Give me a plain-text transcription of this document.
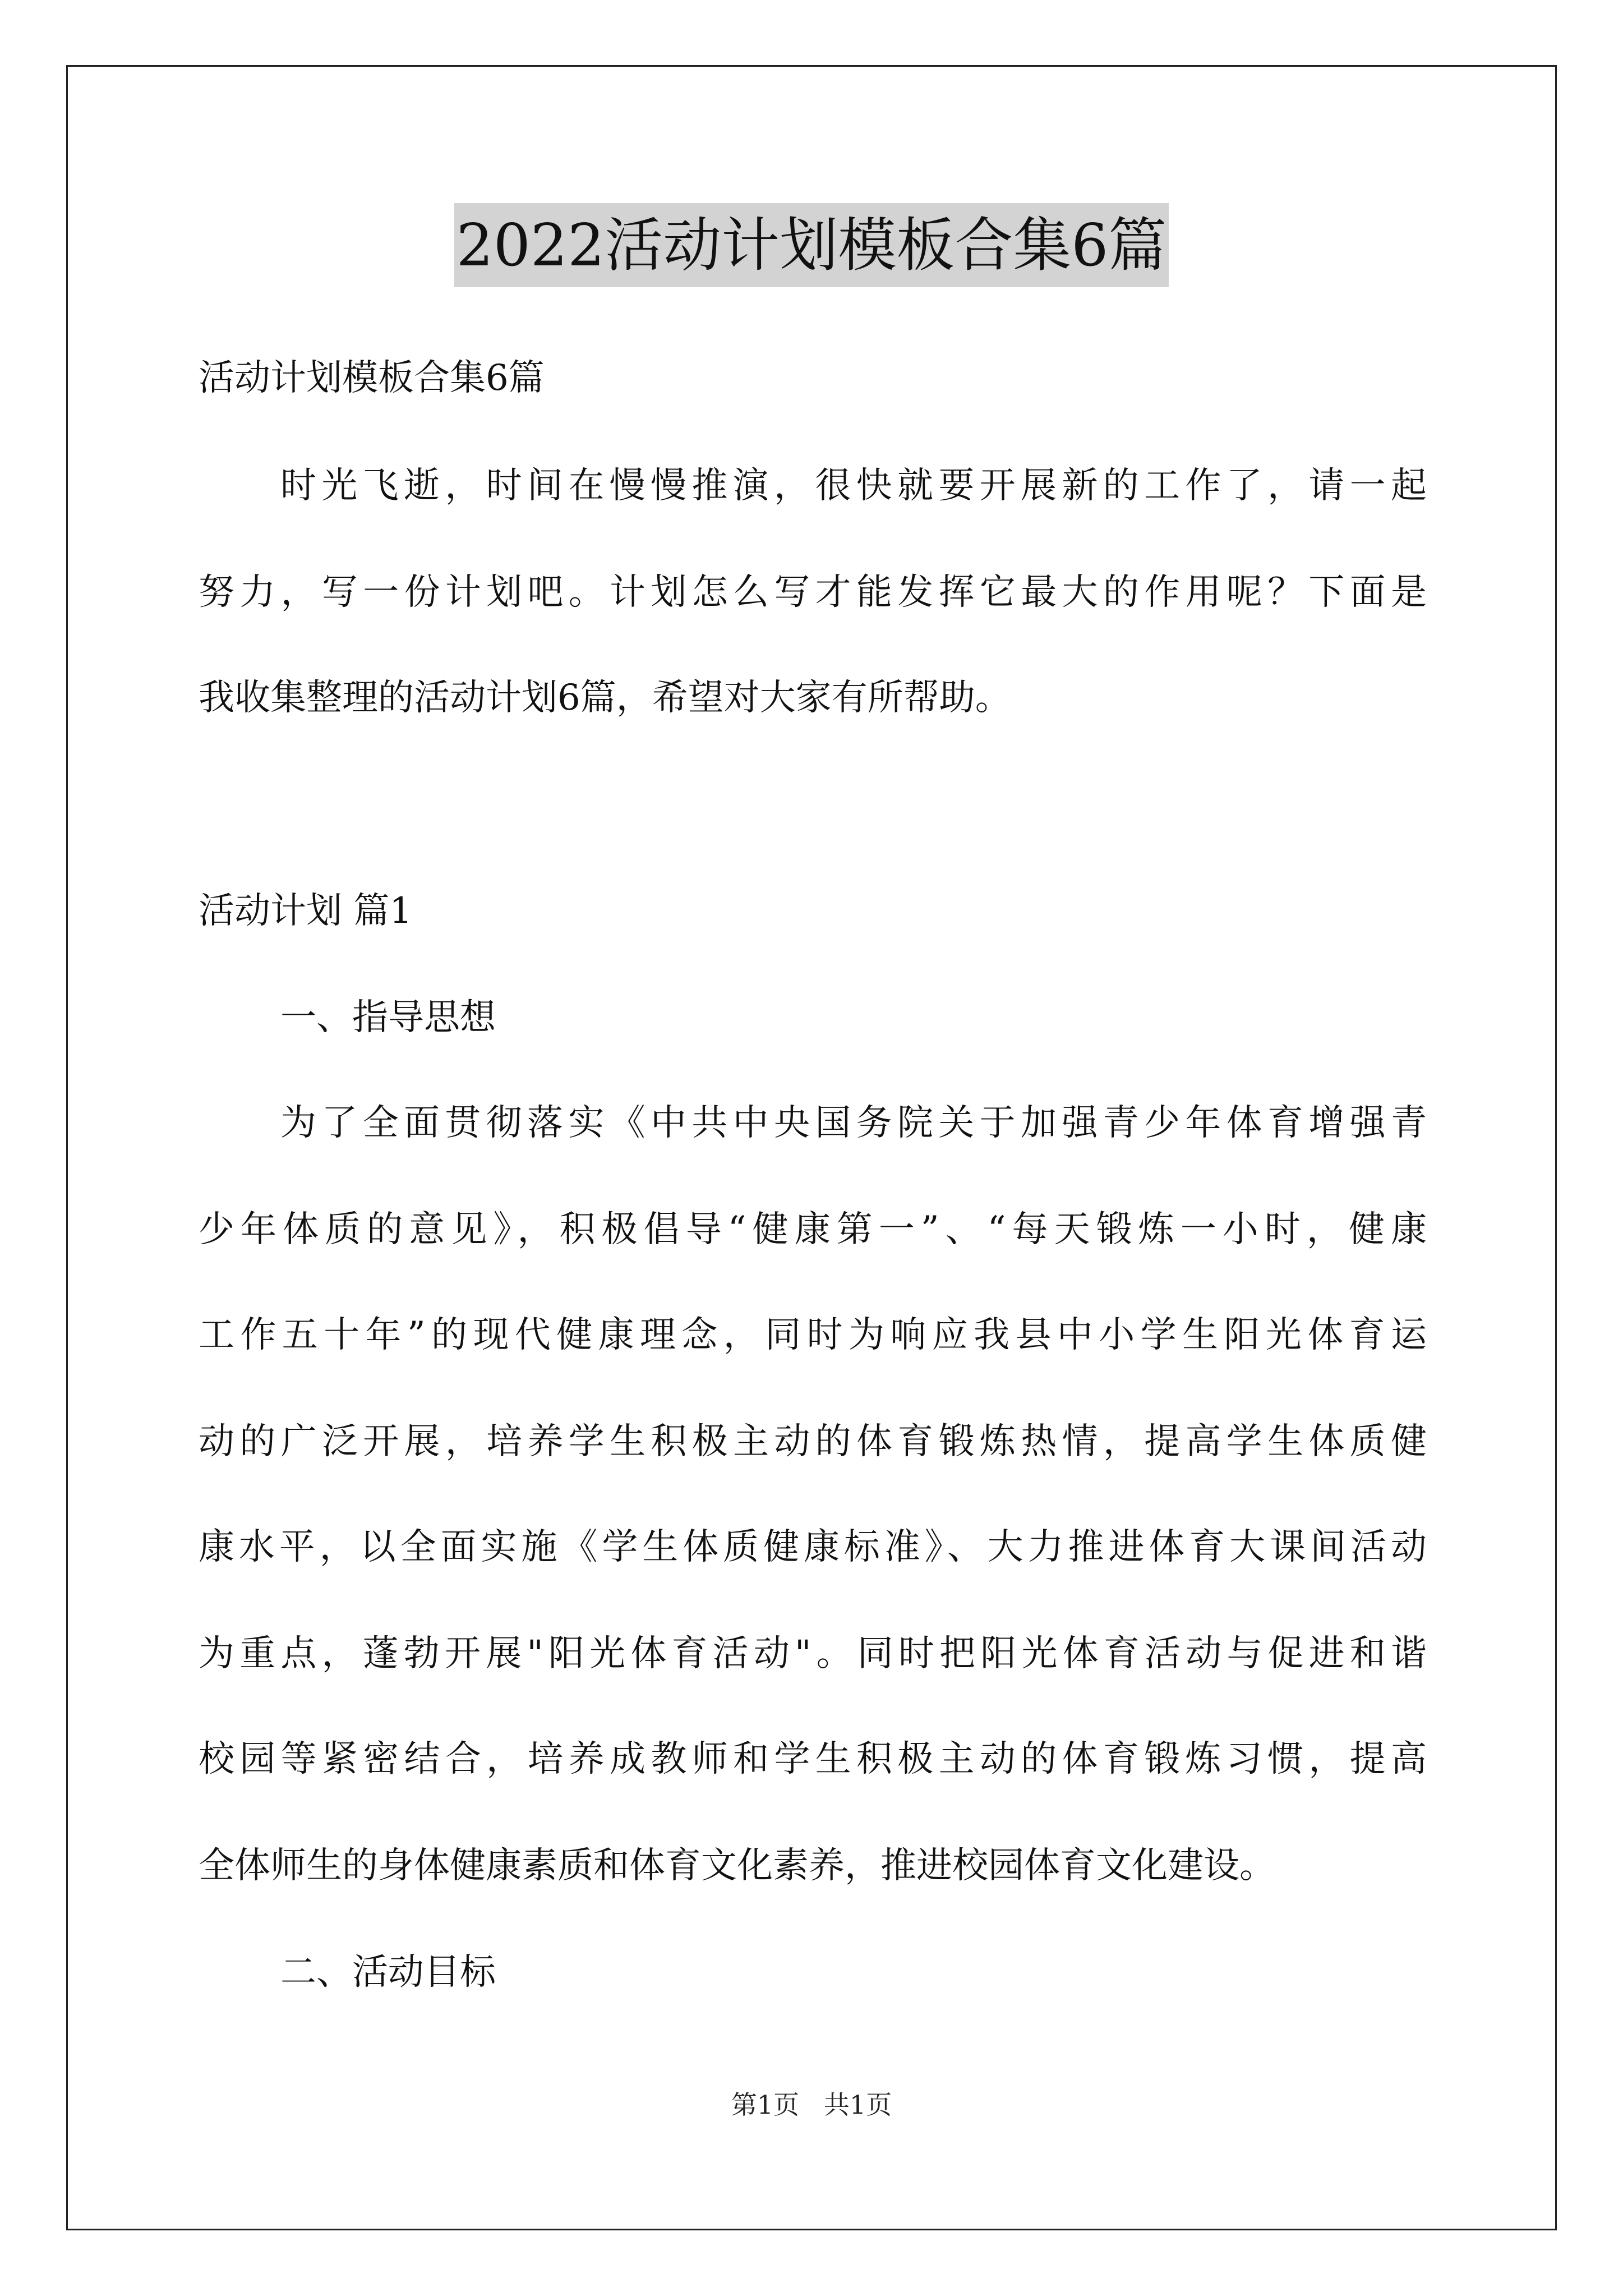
2022活动计划模板合集6篇
活动计划模板合集6篇
时光飞逝，时间在慢慢推演，很快就要开展新的工作了，请一起
努力，写一份计划吧。计划怎么写才能发挥它最大的作用呢？下面是
我收集整理的活动计划6篇，希望对大家有所帮助。
活动计划 篇1
一、指导思想
为了全面贯彻落实《中共中央国务院关于加强青少年体育增强青
少年体质的意见》，积极倡导“健康第一”、“每天锻炼一小时，健康
工作五十年”的现代健康理念，同时为响应我县中小学生阳光体育运
动的广泛开展，培养学生积极主动的体育锻炼热情，提高学生体质健
康水平，以全面实施《学生体质健康标准》、大力推进体育大课间活动
为重点，蓬勃开展"阳光体育活动"。同时把阳光体育活动与促进和谐
校园等紧密结合，培养成教师和学生积极主动的体育锻炼习惯，提高
全体师生的身体健康素质和体育文化素养，推进校园体育文化建设。
二、活动目标
第1页   共1页
